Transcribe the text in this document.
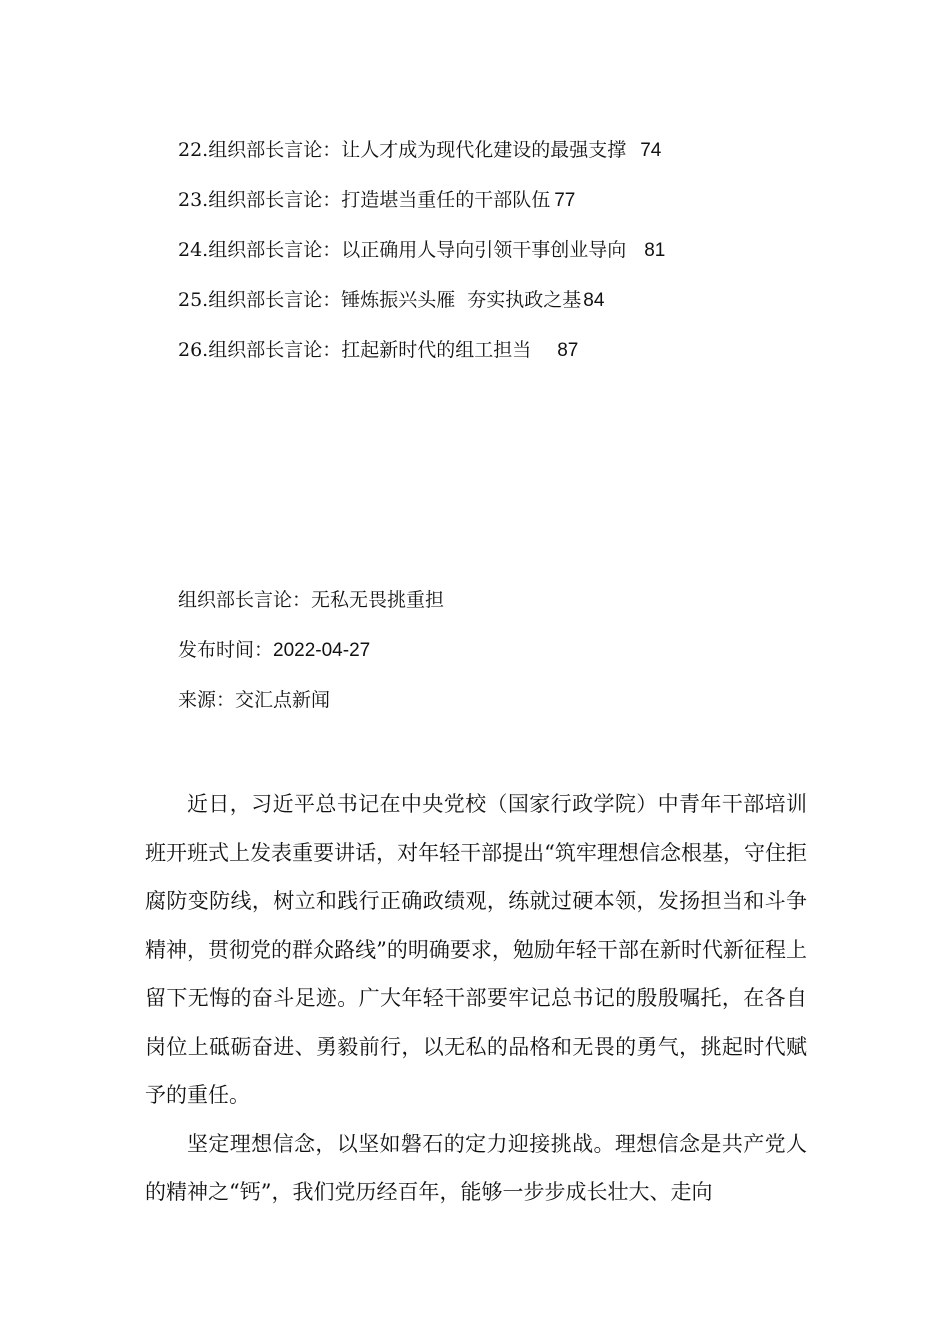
22.组织部长言论：让人才成为现代化建设的最强支撑 74
23.组织部长言论：打造堪当重任的干部队伍 77
24.组织部长言论：以正确用人导向引领干事创业导向 81
25.组织部长言论：锤炼振兴头雁  夯实执政之基 84
26.组织部长言论：扛起新时代的组工担当 87
组织部长言论：无私无畏挑重担
发布时间：2022-04-27
来源：交汇点新闻

近日，习近平总书记在中央党校（国家行政学院）中青年干部培训班开班式上发表重要讲话，对年轻干部提出“筑牢理想信念根基，守住拒腐防变防线，树立和践行正确政绩观，练就过硬本领，发扬担当和斗争精神，贯彻党的群众路线”的明确要求，勉励年轻干部在新时代新征程上留下无悔的奋斗足迹。广大年轻干部要牢记总书记的殷殷嘱托，在各自岗位上砥砺奋进、勇毅前行，以无私的品格和无畏的勇气，挑起时代赋予的重任。

坚定理想信念，以坚如磐石的定力迎接挑战。理想信念是共产党人的精神之“钙”，我们党历经百年，能够一步步成长壮大、走向
